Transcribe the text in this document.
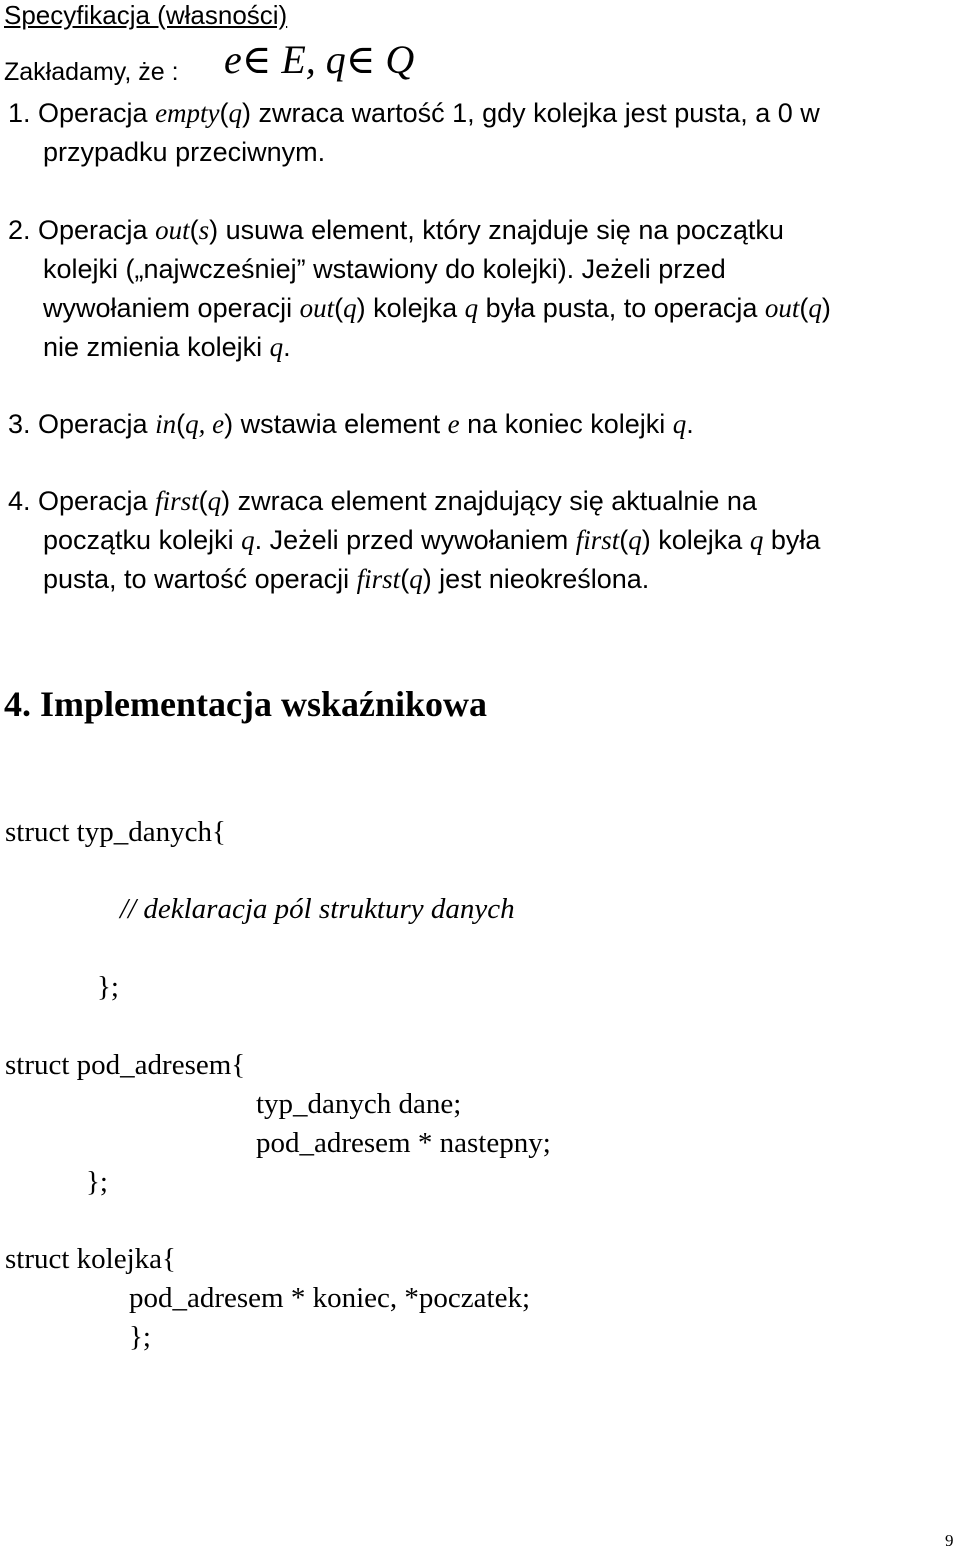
Specyfikacja (własności)
Zakładamy, że : e∈ E, q∈ Q
1. Operacja empty(q) zwraca wartość 1, gdy kolejka jest pusta, a 0 w
przypadku przeciwnym.
2. Operacja out(s) usuwa element, który znajduje się na początku
kolejki („najwcześniej” wstawiony do kolejki). Jeżeli przed
wywołaniem operacji out(q) kolejka q była pusta, to operacja out(q)
nie zmienia kolejki q.
3. Operacja in(q, e) wstawia element e na koniec kolejki q.
4. Operacja first(q) zwraca element znajdujący się aktualnie na
początku kolejki q. Jeżeli przed wywołaniem first(q) kolejka q była
pusta, to wartość operacji first(q) jest nieokreślona.
4. Implementacja wskaźnikowa
struct typ_danych{
// deklaracja pól struktury danych
};
struct pod_adresem{
typ_danych dane;
pod_adresem * nastepny;
};
struct kolejka{
pod_adresem * koniec, *poczatek;
};
9
